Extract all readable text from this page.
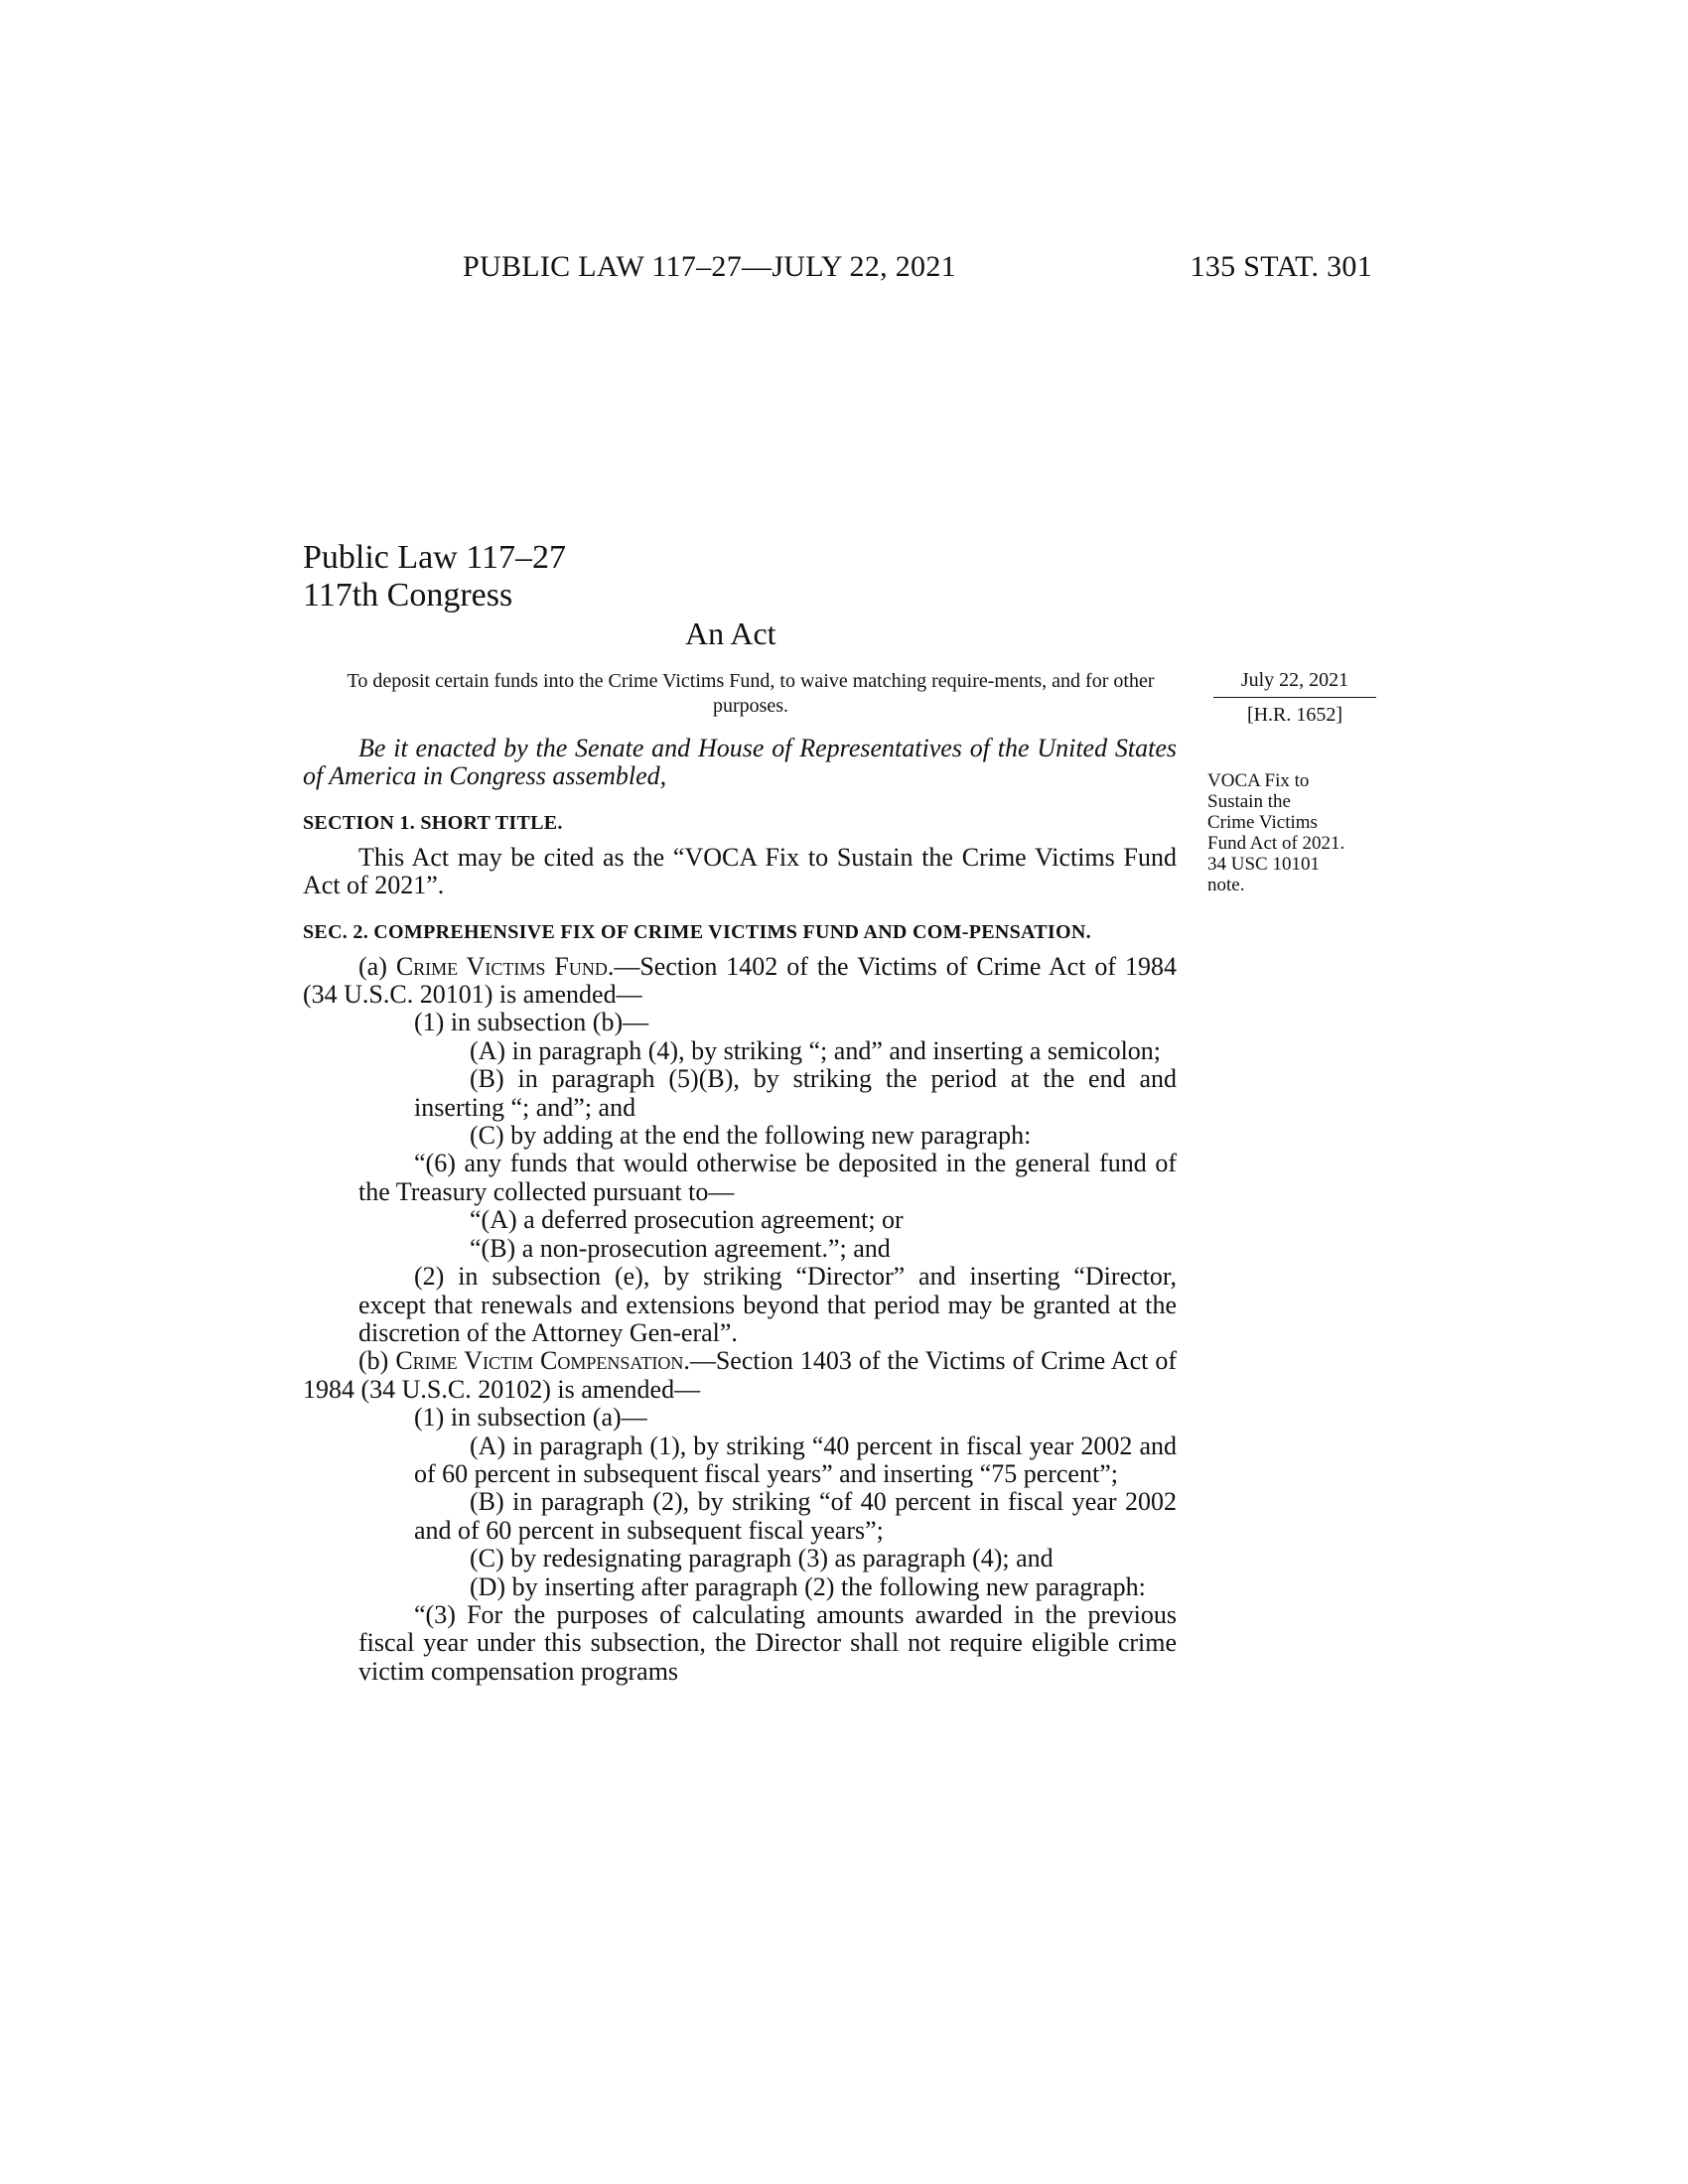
PUBLIC LAW 117–27—JULY 22, 2021	135 STAT. 301
Public Law 117–27
117th Congress
An Act
To deposit certain funds into the Crime Victims Fund, to waive matching require-ments, and for other purposes.
July 22, 2021
[H.R. 1652]
VOCA Fix to
Sustain the
Crime Victims
Fund Act of 2021.
34 USC 10101
note.

Be it enacted by the Senate and House of Representatives of the United States of America in Congress assembled,

SECTION 1. SHORT TITLE.

This Act may be cited as the “VOCA Fix to Sustain the Crime Victims Fund Act of 2021”.

SEC. 2. COMPREHENSIVE FIX OF CRIME VICTIMS FUND AND COM-PENSATION.

(a) Crime Victims Fund.—Section 1402 of the Victims of Crime Act of 1984 (34 U.S.C. 20101) is amended—

(1) in subsection (b)—

(A) in paragraph (4), by striking “; and” and inserting a semicolon;

(B) in paragraph (5)(B), by striking the period at the end and inserting “; and”; and

(C) by adding at the end the following new paragraph:

“(6) any funds that would otherwise be deposited in the general fund of the Treasury collected pursuant to—

“(A) a deferred prosecution agreement; or

“(B) a non-prosecution agreement.”; and

(2) in subsection (e), by striking “Director” and inserting “Director, except that renewals and extensions beyond that period may be granted at the discretion of the Attorney Gen-eral”.

(b) Crime Victim Compensation.—Section 1403 of the Victims of Crime Act of 1984 (34 U.S.C. 20102) is amended—

(1) in subsection (a)—

(A) in paragraph (1), by striking “40 percent in fiscal year 2002 and of 60 percent in subsequent fiscal years” and inserting “75 percent”;

(B) in paragraph (2), by striking “of 40 percent in fiscal year 2002 and of 60 percent in subsequent fiscal years”;

(C) by redesignating paragraph (3) as paragraph (4); and

(D) by inserting after paragraph (2) the following new paragraph:

“(3) For the purposes of calculating amounts awarded in the previous fiscal year under this subsection, the Director shall not require eligible crime victim compensation programs
